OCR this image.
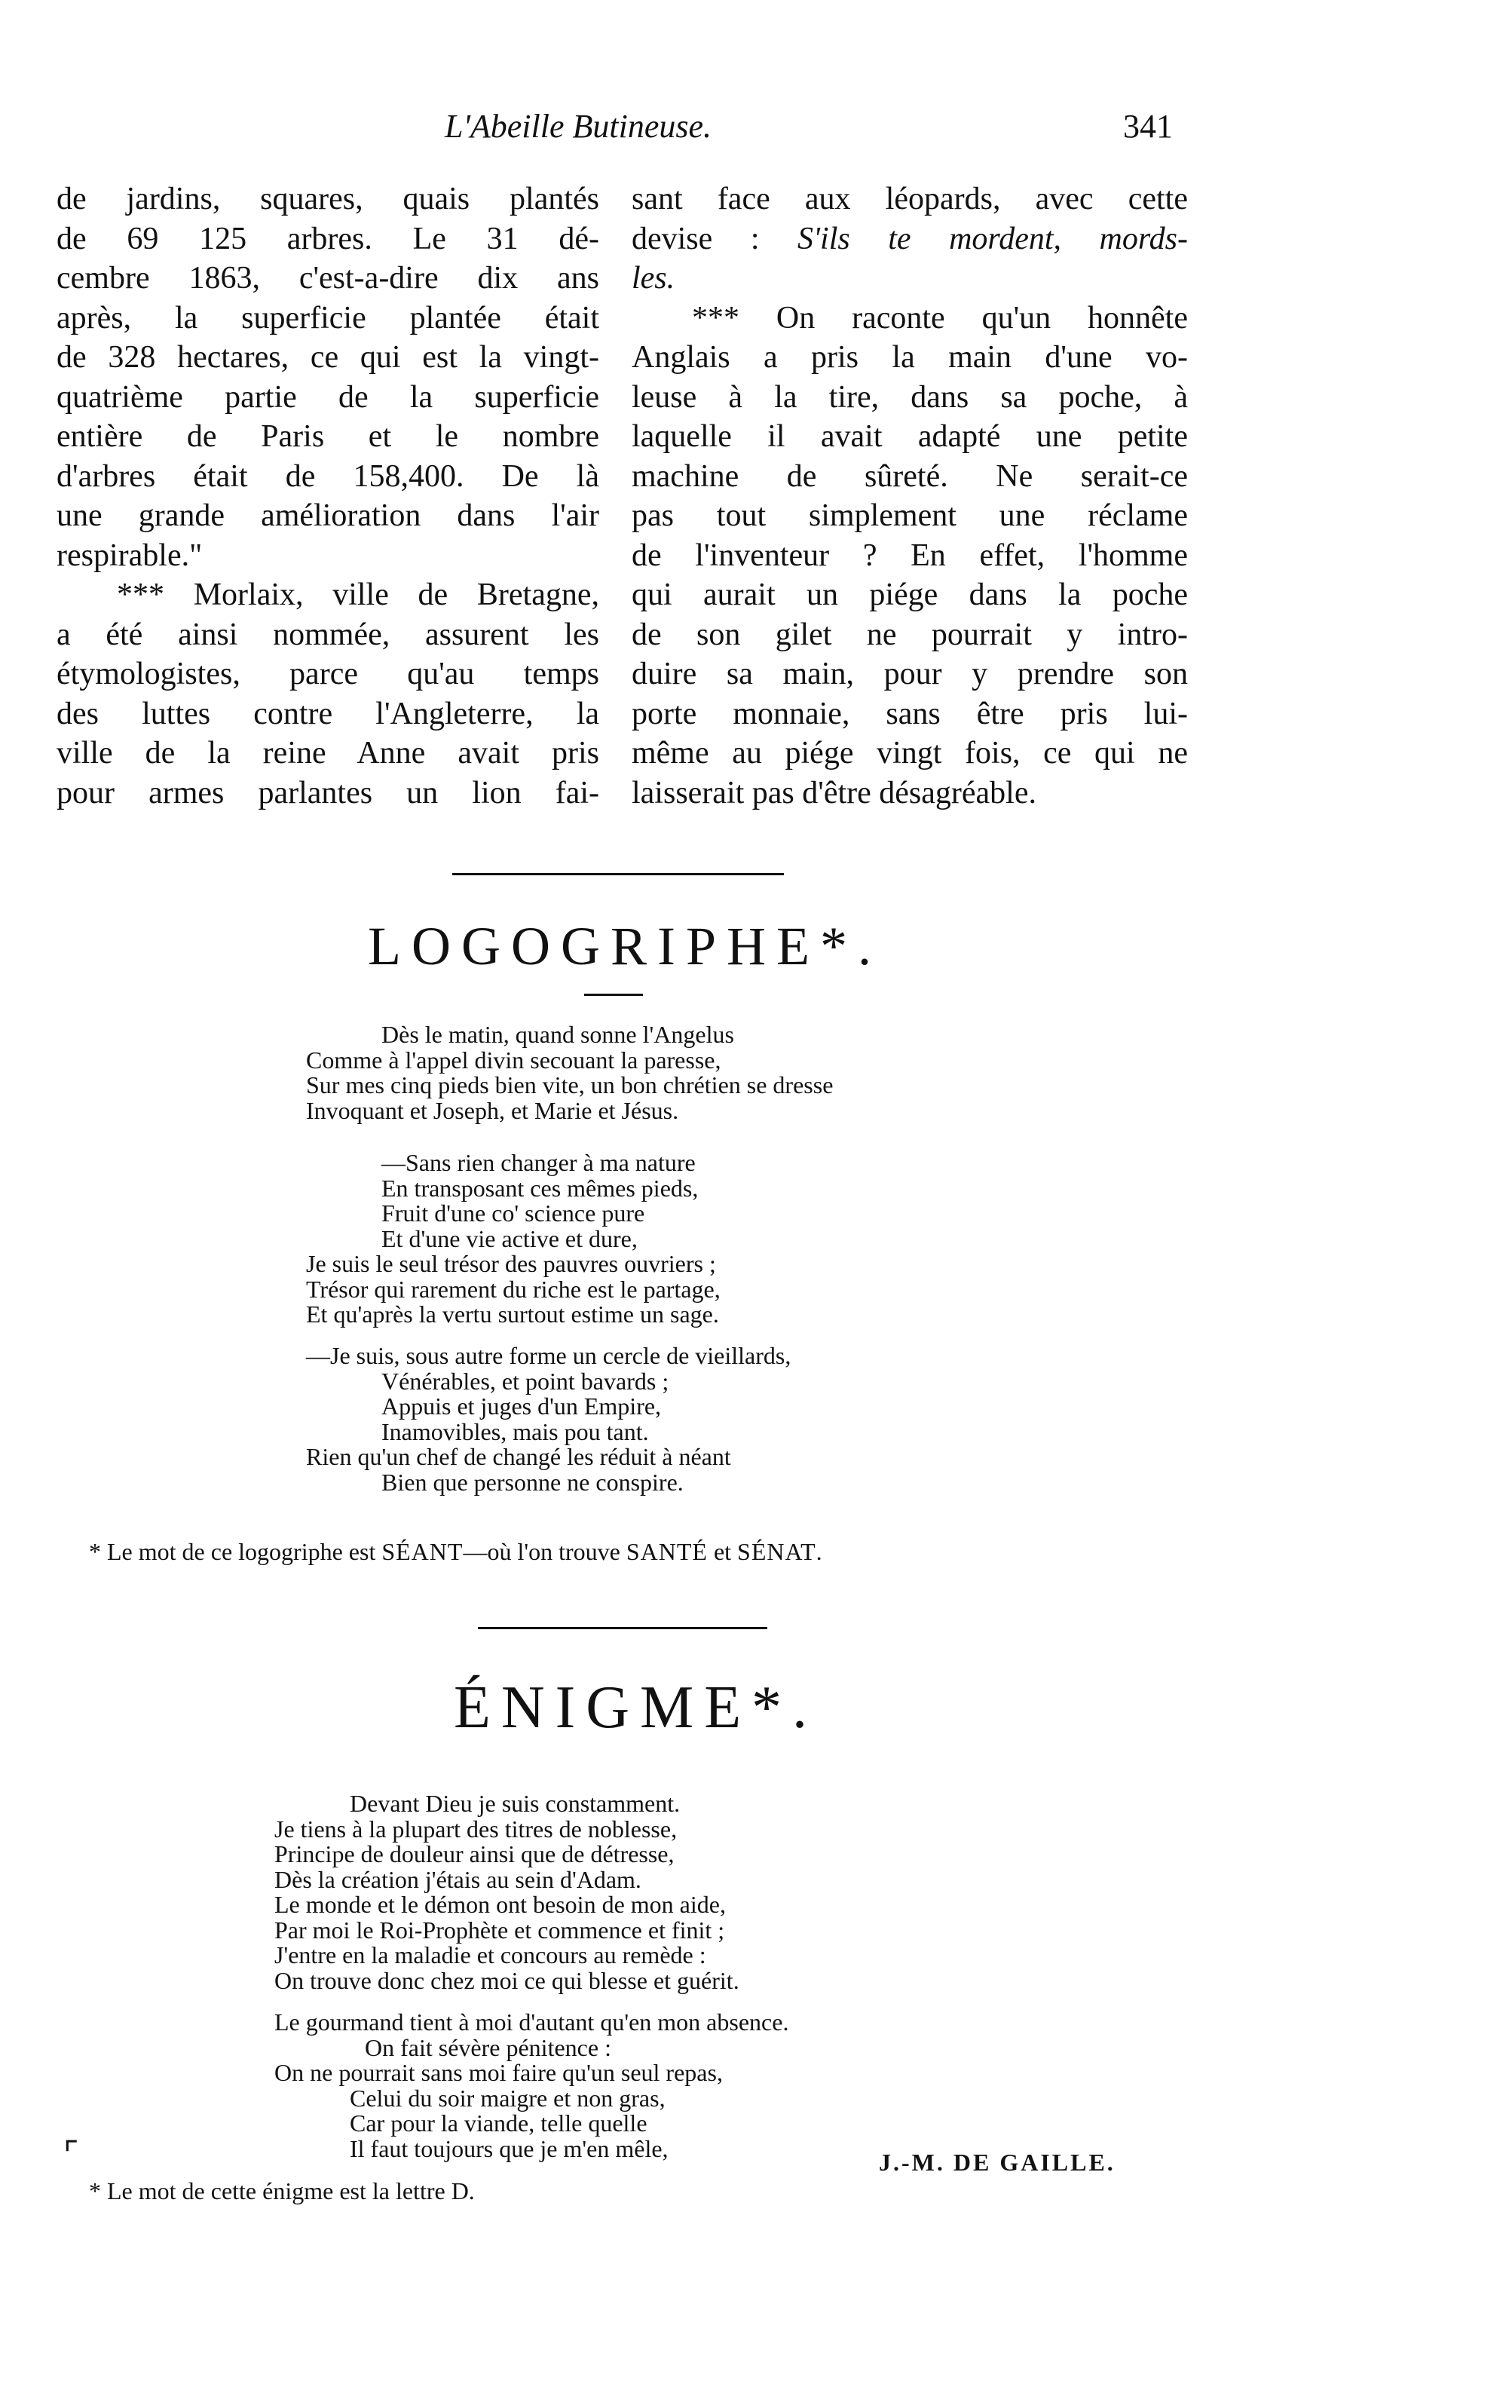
L'Abeille Butineuse.	341
de jardins, squares, quais plantés
de 69 125 arbres. Le 31 dé-
cembre 1863, c'est-a-dire dix ans
après, la superficie plantée était
de 328 hectares, ce qui est la vingt-
quatrième partie de la superficie
entière de Paris et le nombre
d'arbres était de 158,400. De là
une grande amélioration dans l'air
respirable."
*** Morlaix, ville de Bretagne,
a été ainsi nommée, assurent les
étymologistes, parce qu'au temps
des luttes contre l'Angleterre, la
ville de la reine Anne avait pris
pour armes parlantes un lion fai-
sant face aux léopards, avec cette
devise : S'ils te mordent, mords-
les.
*** On raconte qu'un honnête
Anglais a pris la main d'une vo-
leuse à la tire, dans sa poche, à
laquelle il avait adapté une petite
machine de sûreté. Ne serait-ce
pas tout simplement une réclame
de l'inventeur ? En effet, l'homme
qui aurait un piége dans la poche
de son gilet ne pourrait y intro-
duire sa main, pour y prendre son
porte monnaie, sans être pris lui-
même au piége vingt fois, ce qui ne
laisserait pas d'être désagréable.
LOGOGRIPHE*.
Dès le matin, quand sonne l'Angelus
Comme à l'appel divin secouant la paresse,
Sur mes cinq pieds bien vite, un bon chrétien se dresse
Invoquant et Joseph, et Marie et Jésus.
—Sans rien changer à ma nature
En transposant ces mêmes pieds,
Fruit d'une co' science pure
Et d'une vie active et dure,
Je suis le seul trésor des pauvres ouvriers ;
Trésor qui rarement du riche est le partage,
Et qu'après la vertu surtout estime un sage.
—Je suis, sous autre forme un cercle de vieillards,
Vénérables, et point bavards ;
Appuis et juges d'un Empire,
Inamovibles, mais pou tant.
Rien qu'un chef de changé les réduit à néant
Bien que personne ne conspire.
* Le mot de ce logogriphe est SÉANT—où l'on trouve SANTÉ et SÉNAT.
ÉNIGME*.
Devant Dieu je suis constamment.
Je tiens à la plupart des titres de noblesse,
Principe de douleur ainsi que de détresse,
Dès la création j'étais au sein d'Adam.
Le monde et le démon ont besoin de mon aide,
Par moi le Roi-Prophète et commence et finit ;
J'entre en la maladie et concours au remède :
On trouve donc chez moi ce qui blesse et guérit.
Le gourmand tient à moi d'autant qu'en mon absence.
On fait sévère pénitence :
On ne pourrait sans moi faire qu'un seul repas,
Celui du soir maigre et non gras,
Car pour la viande, telle quelle
Il faut toujours que je m'en mêle,
J.-M. DE GAILLE.
⌜
* Le mot de cette énigme est la lettre D.
